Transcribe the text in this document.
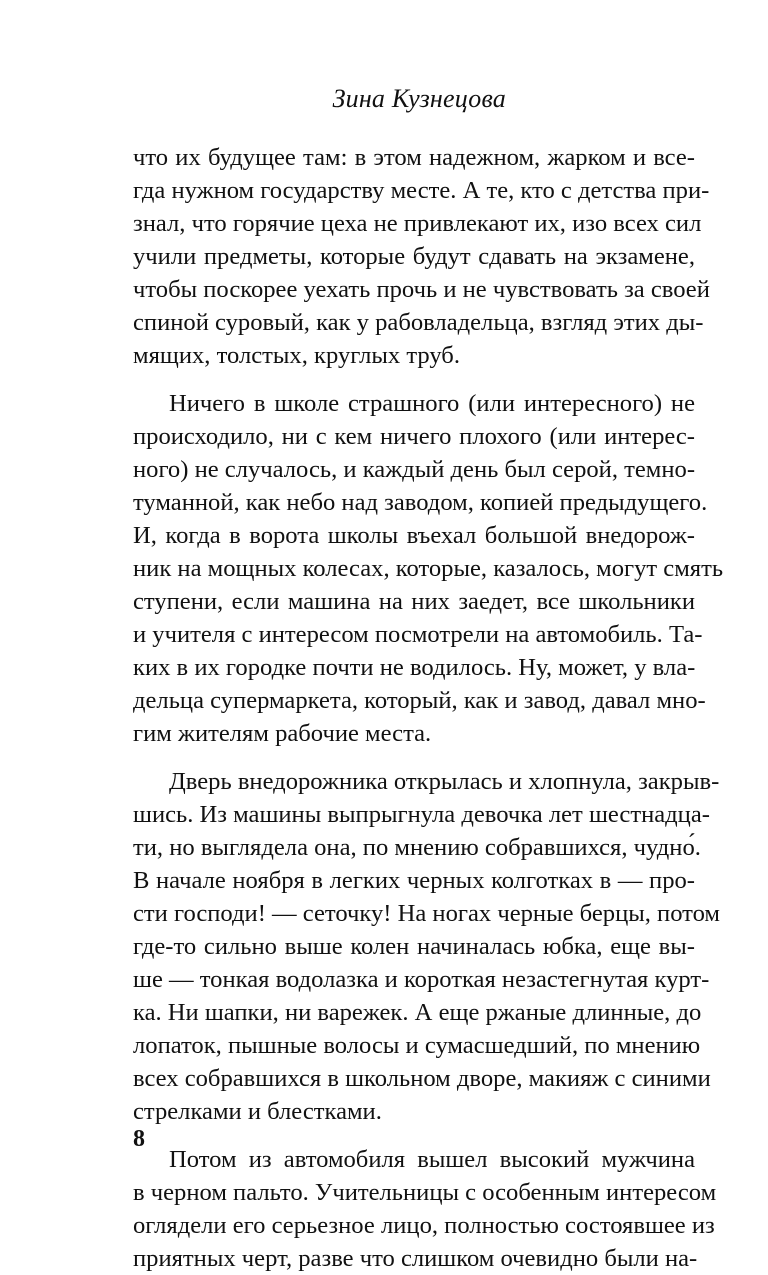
Зина Кузнецова
что их будущее там: в этом надежном, жарком и все-
гда нужном государству месте. А те, кто с детства при-
знал, что горячие цеха не привлекают их, изо всех сил
учили предметы, которые будут сдавать на экзамене,
чтобы поскорее уехать прочь и не чувствовать за своей
спиной суровый, как у рабовладельца, взгляд этих ды-
мящих, толстых, круглых труб.
Ничего в школе страшного (или интересного) не
происходило, ни с кем ничего плохого (или интерес-
ного) не случалось, и каждый день был серой, темно-
туманной, как небо над заводом, копией предыдущего.
И, когда в ворота школы въехал большой внедорож-
ник на мощных колесах, которые, казалось, могут смять
ступени, если машина на них заедет, все школьники
и учителя с интересом посмотрели на автомобиль. Та-
ких в их городке почти не водилось. Ну, может, у вла-
дельца супермаркета, который, как и завод, давал мно-
гим жителям рабочие места.
Дверь внедорожника открылась и хлопнула, закрыв-
шись. Из машины выпрыгнула девочка лет шестнадца-
ти, но выглядела она, по мнению собравшихся, чудно́.
В начале ноября в легких черных колготках в — про-
сти господи! — сеточку! На ногах черные берцы, потом
где-то сильно выше колен начиналась юбка, еще вы-
ше — тонкая водолазка и короткая незастегнутая курт-
ка. Ни шапки, ни варежек. А еще ржаные длинные, до
лопаток, пышные волосы и сумасшедший, по мнению
всех собравшихся в школьном дворе, макияж с синими
стрелками и блестками.
Потом из автомобиля вышел высокий мужчина
в черном пальто. Учительницы с особенным интересом
оглядели его серьезное лицо, полностью состоявшее из
приятных черт, разве что слишком очевидно были на-
8
